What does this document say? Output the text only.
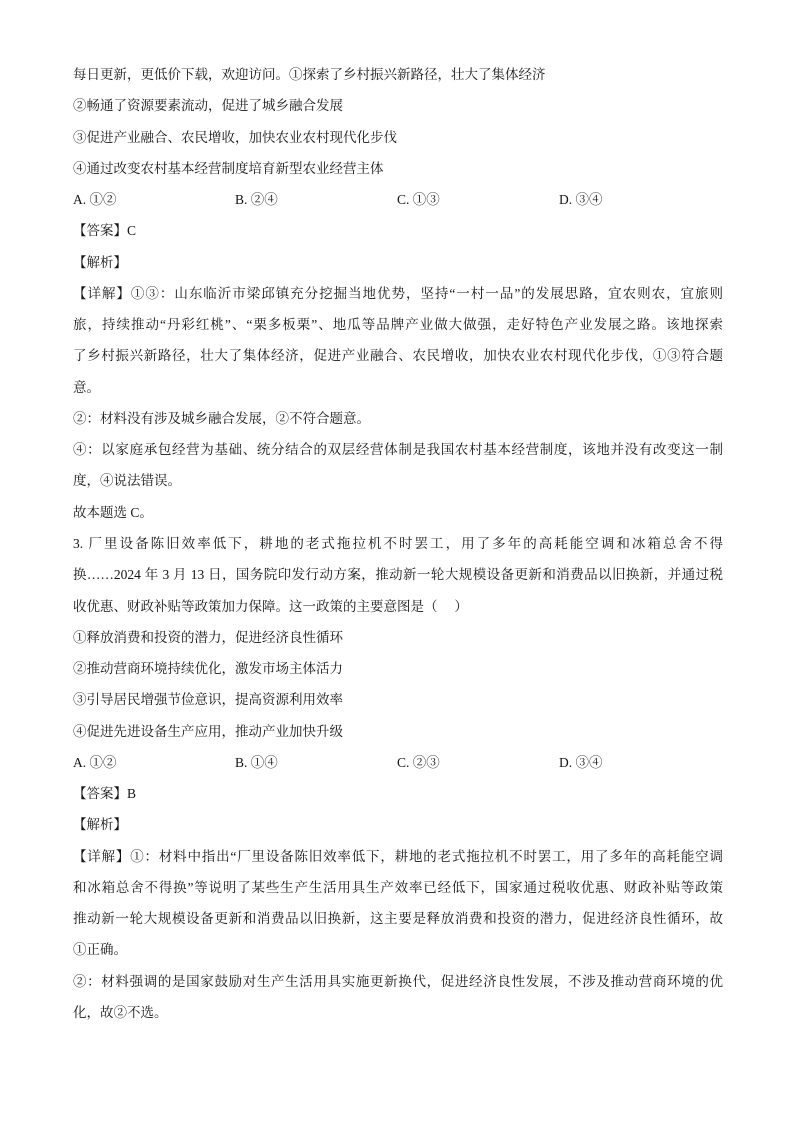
每日更新，更低价下载，欢迎访问。①探索了乡村振兴新路径，壮大了集体经济
②畅通了资源要素流动，促进了城乡融合发展
③促进产业融合、农民增收，加快农业农村现代化步伐
④通过改变农村基本经营制度培育新型农业经营主体
A. ①②	B. ②④	C. ①③	D. ③④
【答案】C
【解析】
【详解】①③：山东临沂市梁邱镇充分挖掘当地优势，坚持“一村一品”的发展思路，宜农则农，宜旅则
旅，持续推动“丹彩红桃”、“栗多板栗”、地瓜等品牌产业做大做强，走好特色产业发展之路。该地探索
了乡村振兴新路径，壮大了集体经济，促进产业融合、农民增收，加快农业农村现代化步伐，①③符合题
意。
②：材料没有涉及城乡融合发展，②不符合题意。
④：以家庭承包经营为基础、统分结合的双层经营体制是我国农村基本经营制度，该地并没有改变这一制
度，④说法错误。
故本题选 C。
3. 厂里设备陈旧效率低下，耕地的老式拖拉机不时罢工，用了多年的高耗能空调和冰箱总舍不得
换……2024 年 3 月 13 日，国务院印发行动方案，推动新一轮大规模设备更新和消费品以旧换新，并通过税
收优惠、财政补贴等政策加力保障。这一政策的主要意图是（     ）
①释放消费和投资的潜力，促进经济良性循环
②推动营商环境持续优化，激发市场主体活力
③引导居民增强节俭意识，提高资源利用效率
④促进先进设备生产应用，推动产业加快升级
A. ①②	B. ①④	C. ②③	D. ③④
【答案】B
【解析】
【详解】①：材料中指出“厂里设备陈旧效率低下，耕地的老式拖拉机不时罢工，用了多年的高耗能空调
和冰箱总舍不得换”等说明了某些生产生活用具生产效率已经低下，国家通过税收优惠、财政补贴等政策
推动新一轮大规模设备更新和消费品以旧换新，这主要是释放消费和投资的潜力，促进经济良性循环，故
①正确。
②：材料强调的是国家鼓励对生产生活用具实施更新换代，促进经济良性发展，不涉及推动营商环境的优
化，故②不选。
